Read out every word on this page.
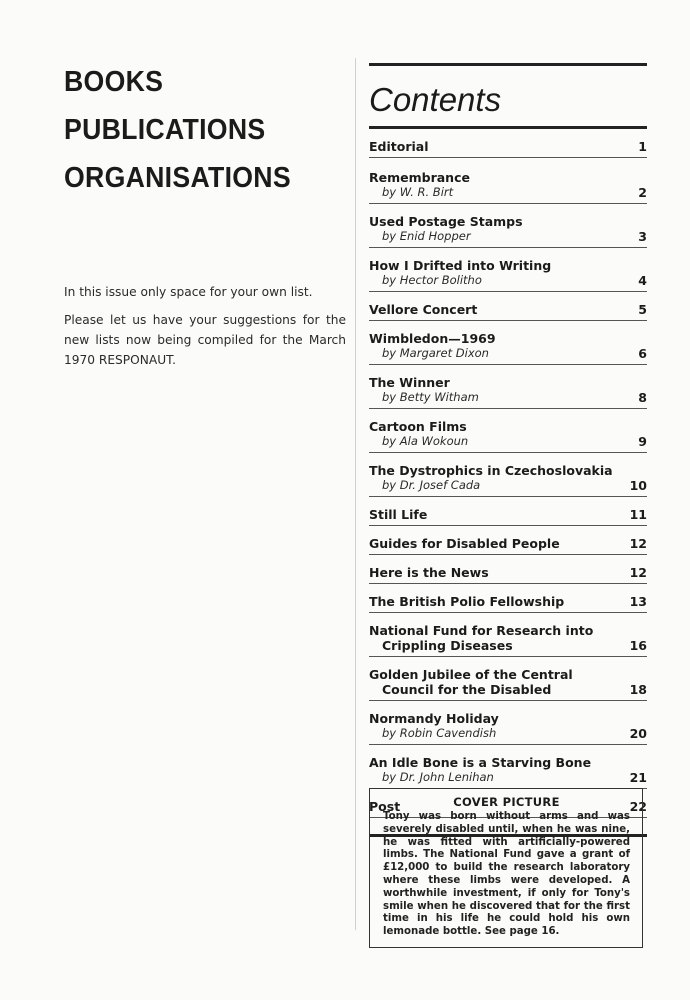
BOOKS

PUBLICATIONS

ORGANISATIONS

In this issue only space for your own list.

Please let us have your suggestions for the new lists now being compiled for the March 1970 RESPONAUT.

Contents
Editorial	1
Remembrance
by W. R. Birt	2
Used Postage Stamps
by Enid Hopper	3
How I Drifted into Writing
by Hector Bolitho	4
Vellore Concert	5
Wimbledon—1969
by Margaret Dixon	6
The Winner
by Betty Witham	8
Cartoon Films
by Ala Wokoun	9
The Dystrophics in Czechoslovakia
by Dr. Josef Cada	10
Still Life	11
Guides for Disabled People	12
Here is the News	12
The British Polio Fellowship	13
National Fund for Research into
Crippling Diseases	16
Golden Jubilee of the Central
Council for the Disabled	18
Normandy Holiday
by Robin Cavendish	20
An Idle Bone is a Starving Bone
by Dr. John Lenihan	21
Post	22
COVER PICTURE
Tony was born without arms and was severely disabled until, when he was nine, he was fitted with artificially-powered limbs. The National Fund gave a grant of £12,000 to build the research laboratory where these limbs were developed. A worthwhile investment, if only for Tony's smile when he discovered that for the first time in his life he could hold his own lemonade bottle. See page 16.
